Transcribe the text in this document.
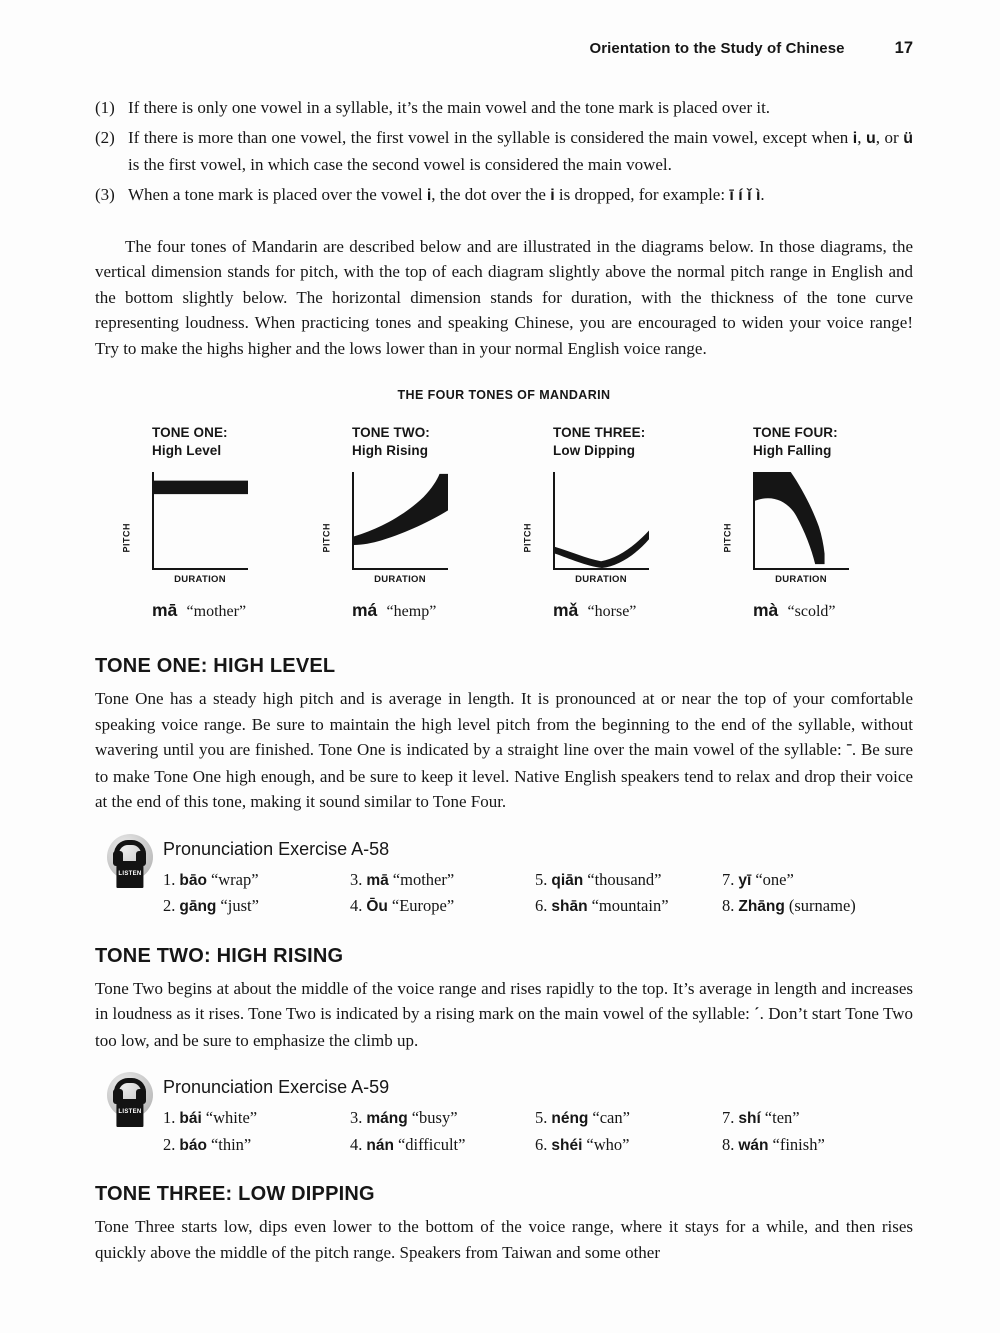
Orientation to the Study of Chinese	17
(1) If there is only one vowel in a syllable, it’s the main vowel and the tone mark is placed over it.
(2) If there is more than one vowel, the first vowel in the syllable is considered the main vowel, except when i, u, or ü is the first vowel, in which case the second vowel is considered the main vowel.
(3) When a tone mark is placed over the vowel i, the dot over the i is dropped, for example: ī í ǐ ì.

The four tones of Mandarin are described below and are illustrated in the diagrams below. In those diagrams, the vertical dimension stands for pitch, with the top of each diagram slightly above the normal pitch range in English and the bottom slightly below. The horizontal dimension stands for duration, with the thickness of the tone curve representing loudness. When practicing tones and speaking Chinese, you are encouraged to widen your voice range! Try to make the highs higher and the lows lower than in your normal English voice range.

THE FOUR TONES OF MANDARIN
TONE ONE:
High Level
PITCH
DURATION
mā “mother”
TONE TWO:
High Rising
PITCH
DURATION
má “hemp”
TONE THREE:
Low Dipping
PITCH
DURATION
mǎ “horse”
TONE FOUR:
High Falling
PITCH
DURATION
mà “scold”
TONE ONE: HIGH LEVEL

Tone One has a steady high pitch and is average in length. It is pronounced at or near the top of your comfortable speaking voice range. Be sure to maintain the high level pitch from the beginning to the end of the syllable, without wavering until you are finished. Tone One is indicated by a straight line over the main vowel of the syllable: ˉ. Be sure to make Tone One high enough, and be sure to keep it level. Native English speakers tend to relax and drop their voice at the end of this tone, making it sound similar to Tone Four.

LISTEN
Pronunciation Exercise A-58
1. bāo “wrap”
2. gāng “just”
3. mā “mother”
4. Ōu “Europe”
5. qiān “thousand”
6. shān “mountain”
7. yī “one”
8. Zhāng (surname)
TONE TWO: HIGH RISING

Tone Two begins at about the middle of the voice range and rises rapidly to the top. It’s average in length and increases in loudness as it rises. Tone Two is indicated by a rising mark on the main vowel of the syllable: ˊ. Don’t start Tone Two too low, and be sure to emphasize the climb up.

LISTEN
Pronunciation Exercise A-59
1. bái “white”
2. báo “thin”
3. máng “busy”
4. nán “difficult”
5. néng “can”
6. shéi “who”
7. shí “ten”
8. wán “finish”
TONE THREE: LOW DIPPING

Tone Three starts low, dips even lower to the bottom of the voice range, where it stays for a while, and then rises quickly above the middle of the pitch range. Speakers from Taiwan and some other
